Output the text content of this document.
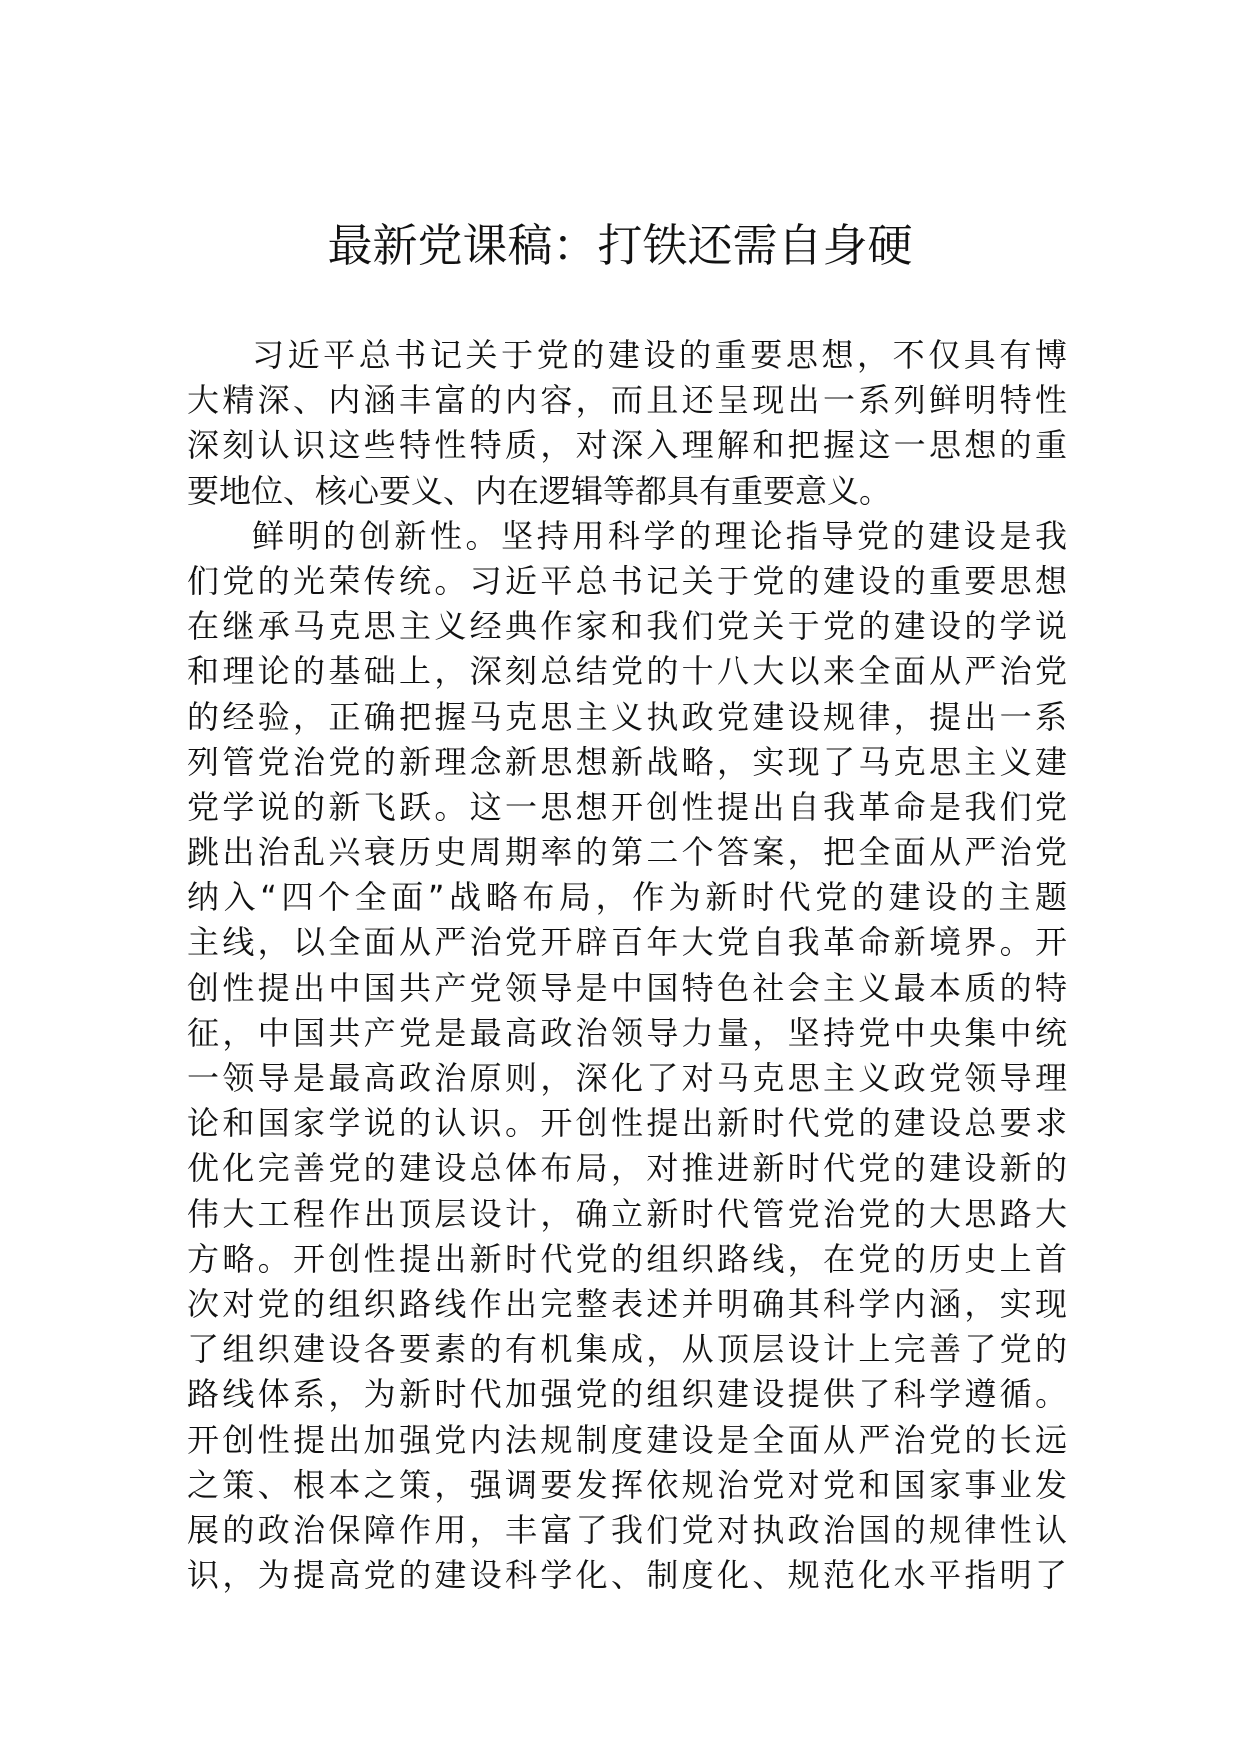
最新党课稿：打铁还需自身硬
习近平总书记关于党的建设的重要思想，不仅具有博
大精深、内涵丰富的内容，而且还呈现出一系列鲜明特性
深刻认识这些特性特质，对深入理解和把握这一思想的重
要地位、核心要义、内在逻辑等都具有重要意义。
鲜明的创新性。坚持用科学的理论指导党的建设是我
们党的光荣传统。习近平总书记关于党的建设的重要思想
在继承马克思主义经典作家和我们党关于党的建设的学说
和理论的基础上，深刻总结党的十八大以来全面从严治党
的经验，正确把握马克思主义执政党建设规律，提出一系
列管党治党的新理念新思想新战略，实现了马克思主义建
党学说的新飞跃。这一思想开创性提出自我革命是我们党
跳出治乱兴衰历史周期率的第二个答案，把全面从严治党
纳入“四个全面”战略布局，作为新时代党的建设的主题
主线，以全面从严治党开辟百年大党自我革命新境界。开
创性提出中国共产党领导是中国特色社会主义最本质的特
征，中国共产党是最高政治领导力量，坚持党中央集中统
一领导是最高政治原则，深化了对马克思主义政党领导理
论和国家学说的认识。开创性提出新时代党的建设总要求
优化完善党的建设总体布局，对推进新时代党的建设新的
伟大工程作出顶层设计，确立新时代管党治党的大思路大
方略。开创性提出新时代党的组织路线，在党的历史上首
次对党的组织路线作出完整表述并明确其科学内涵，实现
了组织建设各要素的有机集成，从顶层设计上完善了党的
路线体系，为新时代加强党的组织建设提供了科学遵循。
开创性提出加强党内法规制度建设是全面从严治党的长远
之策、根本之策，强调要发挥依规治党对党和国家事业发
展的政治保障作用，丰富了我们党对执政治国的规律性认
识，为提高党的建设科学化、制度化、规范化水平指明了
